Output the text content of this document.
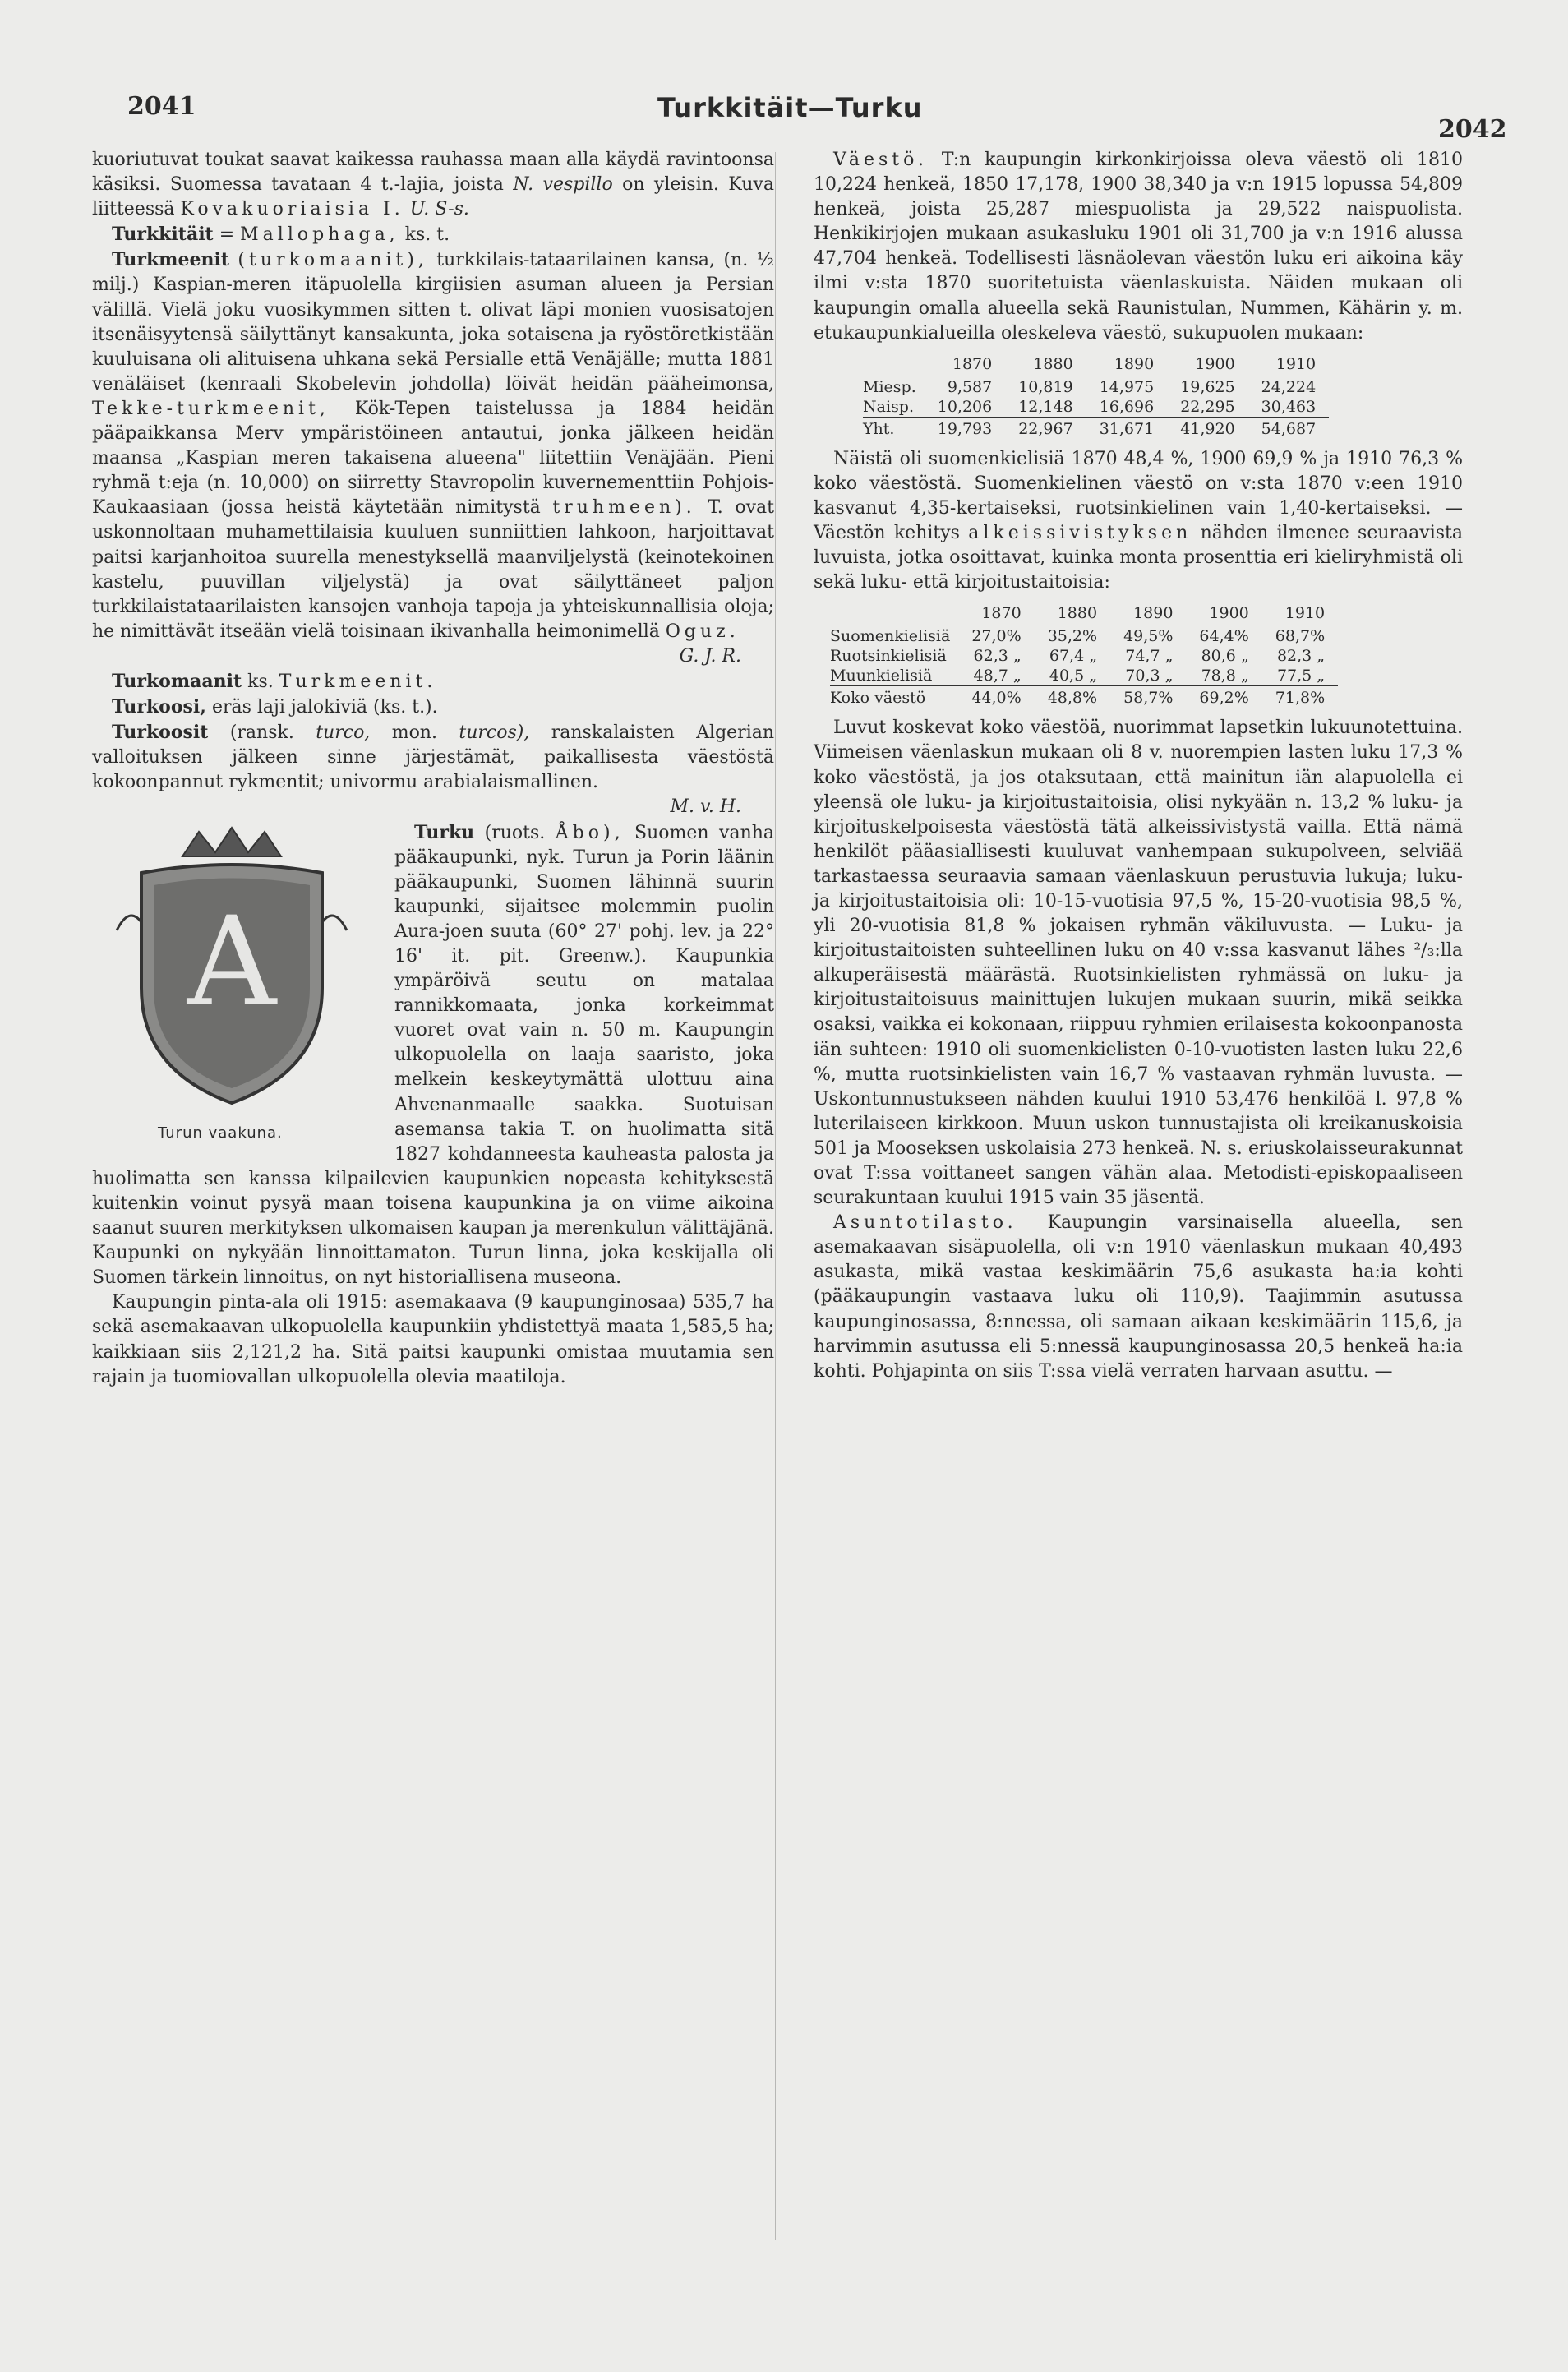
2041	Turkkitäit—Turku
2042

kuoriutuvat toukat saavat kaikessa rauhassa maan alla käydä ravintoonsa käsiksi. Suomessa tavataan 4 t.-lajia, joista N. vespillo on yleisin. Kuva liitteessä Kovakuoriaisia I. U. S-s.

Turkkitäit = Mallophaga, ks. t.

Turkmeenit (turkomaanit), turkkilais-tataarilainen kansa, (n. ½ milj.) Kaspian-meren itäpuolella kirgiisien asuman alueen ja Persian välillä. Vielä joku vuosikymmen sitten t. olivat läpi monien vuosisatojen itsenäisyytensä säilyttänyt kansakunta, joka sotaisena ja ryöstöretkistään kuuluisana oli alituisena uhkana sekä Persialle että Venäjälle; mutta 1881 venäläiset (kenraali Skobelevin johdolla) löivät heidän pääheimonsa, Tekke-turkmeenit, Kök-Tepen taistelussa ja 1884 heidän pääpaikkansa Merv ympäristöineen antautui, jonka jälkeen heidän maansa „Kaspian meren takaisena alueena" liitettiin Venäjään. Pieni ryhmä t:eja (n. 10,000) on siirretty Stavropolin kuvernementtiin Pohjois-Kaukaasiaan (jossa heistä käytetään nimitystä truhmeen). T. ovat uskonnoltaan muhamettilaisia kuuluen sunniittien lahkoon, harjoittavat paitsi karjanhoitoa suurella menestyksellä maanviljelystä (keinotekoinen kastelu, puuvillan viljelystä) ja ovat säilyttäneet paljon turkkilaistataarilaisten kansojen vanhoja tapoja ja yhteiskunnallisia oloja; he nimittävät itseään vielä toisinaan ikivanhalla heimonimellä Oguz.

G. J. R.

Turkomaanit ks. Turkmeenit.

Turkoosi, eräs laji jalokiviä (ks. t.).

Turkoosit (ransk. turco, mon. turcos), ranskalaisten Algerian valloituksen jälkeen sinne järjestämät, paikallisesta väestöstä kokoonpannut rykmentit; univormu arabialaismallinen.

M. v. H.

A
Turun vaakuna.

Turku (ruots. Åbo), Suomen vanha pääkaupunki, nyk. Turun ja Porin läänin pääkaupunki, Suomen lähinnä suurin kaupunki, sijaitsee molemmin puolin Aura-joen suuta (60° 27' pohj. lev. ja 22° 16' it. pit. Greenw.). Kaupunkia ympäröivä seutu on matalaa rannikkomaata, jonka korkeimmat vuoret ovat vain n. 50 m. Kaupungin ulkopuolella on laaja saaristo, joka melkein keskeytymättä ulottuu aina Ahvenanmaalle saakka. Suotuisan asemansa takia T. on huolimatta sitä 1827 kohdanneesta kauheasta palosta ja huolimatta sen kanssa kilpailevien kaupunkien nopeasta kehityksestä kuitenkin voinut pysyä maan toisena kaupunkina ja on viime aikoina saanut suuren merkityksen ulkomaisen kaupan ja merenkulun välittäjänä. Kaupunki on nykyään linnoittamaton. Turun linna, joka keskijalla oli Suomen tärkein linnoitus, on nyt historiallisena museona.

Kaupungin pinta-ala oli 1915: asemakaava (9 kaupunginosaa) 535,7 ha sekä asemakaavan ulkopuolella kaupunkiin yhdistettyä maata 1,585,5 ha; kaikkiaan siis 2,121,2 ha. Sitä paitsi kaupunki omistaa muutamia sen rajain ja tuomiovallan ulkopuolella olevia maatiloja.

Väestö. T:n kaupungin kirkonkirjoissa oleva väestö oli 1810 10,224 henkeä, 1850 17,178, 1900 38,340 ja v:n 1915 lopussa 54,809 henkeä, joista 25,287 miespuolista ja 29,522 naispuolista. Henkikirjojen mukaan asukasluku 1901 oli 31,700 ja v:n 1916 alussa 47,704 henkeä. Todellisesti läsnäolevan väestön luku eri aikoina käy ilmi v:sta 1870 suoritetuista väenlaskuista. Näiden mukaan oli kaupungin omalla alueella sekä Raunistulan, Nummen, Kähärin y. m. etukaupunkialueilla oleskeleva väestö, sukupuolen mukaan:

	1870	1880	1890	1900	1910
Miesp.	9,587	10,819	14,975	19,625	24,224
Naisp.	10,206	12,148	16,696	22,295	30,463
Yht.	19,793	22,967	31,671	41,920	54,687

Näistä oli suomenkielisiä 1870 48,4 %, 1900 69,9 % ja 1910 76,3 % koko väestöstä. Suomenkielinen väestö on v:sta 1870 v:een 1910 kasvanut 4,35-kertaiseksi, ruotsinkielinen vain 1,40-kertaiseksi. — Väestön kehitys alkeissivistyksen nähden ilmenee seuraavista luvuista, jotka osoittavat, kuinka monta prosenttia eri kieliryhmistä oli sekä luku- että kirjoitustaitoisia:

	1870	1880	1890	1900	1910
Suomenkielisiä	27,0%	35,2%	49,5%	64,4%	68,7%
Ruotsinkielisiä	62,3 „	67,4 „	74,7 „	80,6 „	82,3 „
Muunkielisiä	48,7 „	40,5 „	70,3 „	78,8 „	77,5 „
Koko väestö	44,0%	48,8%	58,7%	69,2%	71,8%

Luvut koskevat koko väestöä, nuorimmat lapsetkin lukuunotettuina. Viimeisen väenlaskun mukaan oli 8 v. nuorempien lasten luku 17,3 % koko väestöstä, ja jos otaksutaan, että mainitun iän alapuolella ei yleensä ole luku- ja kirjoitustaitoisia, olisi nykyään n. 13,2 % luku- ja kirjoituskelpoisesta väestöstä tätä alkeissivistystä vailla. Että nämä henkilöt pääasiallisesti kuuluvat vanhempaan sukupolveen, selviää tarkastaessa seuraavia samaan väenlaskuun perustuvia lukuja; luku- ja kirjoitustaitoisia oli: 10-15-vuotisia 97,5 %, 15-20-vuotisia 98,5 %, yli 20-vuotisia 81,8 % jokaisen ryhmän väkiluvusta. — Luku- ja kirjoitustaitoisten suhteellinen luku on 40 v:ssa kasvanut lähes ²/₃:lla alkuperäisestä määrästä. Ruotsinkielisten ryhmässä on luku- ja kirjoitustaitoisuus mainittujen lukujen mukaan suurin, mikä seikka osaksi, vaikka ei kokonaan, riippuu ryhmien erilaisesta kokoonpanosta iän suhteen: 1910 oli suomenkielisten 0-10-vuotisten lasten luku 22,6 %, mutta ruotsinkielisten vain 16,7 % vastaavan ryhmän luvusta. — Uskontunnustukseen nähden kuului 1910 53,476 henkilöä l. 97,8 % luterilaiseen kirkkoon. Muun uskon tunnustajista oli kreikanuskoisia 501 ja Mooseksen uskolaisia 273 henkeä. N. s. eriuskolaisseurakunnat ovat T:ssa voittaneet sangen vähän alaa. Metodisti-episkopaaliseen seurakuntaan kuului 1915 vain 35 jäsentä.

Asuntotilasto. Kaupungin varsinaisella alueella, sen asemakaavan sisäpuolella, oli v:n 1910 väenlaskun mukaan 40,493 asukasta, mikä vastaa keskimäärin 75,6 asukasta ha:ia kohti (pääkaupungin vastaava luku oli 110,9). Taajimmin asutussa kaupunginosassa, 8:nnessa, oli samaan aikaan keskimäärin 115,6, ja harvimmin asutussa eli 5:nnessä kaupunginosassa 20,5 henkeä ha:ia kohti. Pohjapinta on siis T:ssa vielä verraten harvaan asuttu. —
